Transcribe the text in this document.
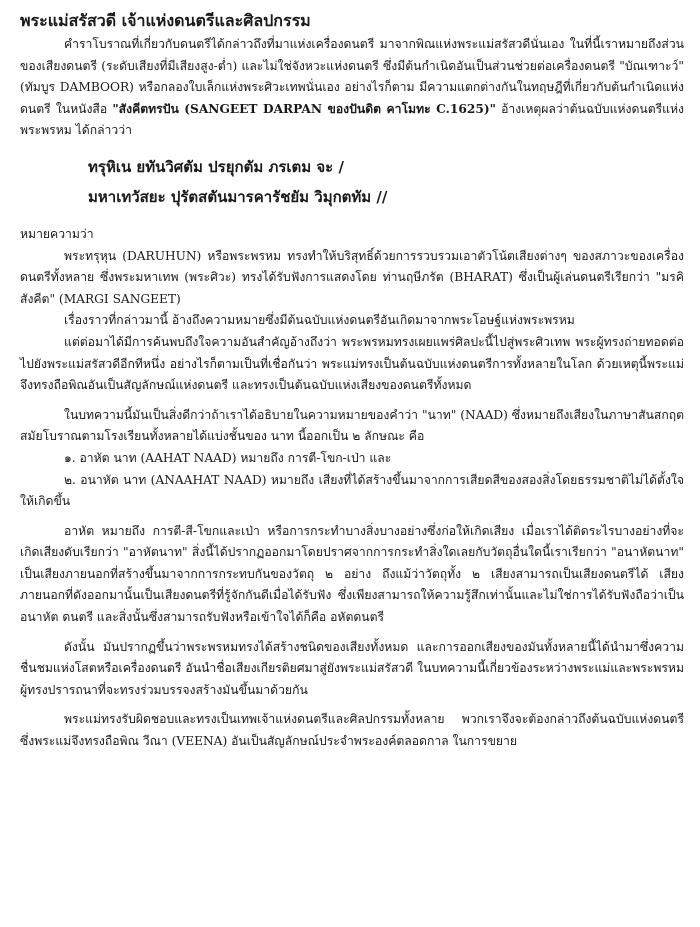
พระแม่สรัสวดี เจ้าแห่งดนตรีและศิลปกรรม

คำราโบราณที่เกี่ยวกับดนตรีได้กล่าวถึงที่มาแห่งเครื่องดนตรี มาจากพิณแห่งพระแม่สรัสวดีนั่นเอง ในที่นี้เราหมายถึงส่วนของเสียงดนตรี (ระดับเสียงที่มีเสียงสูง-ต่ำ) และไม่ใช่จังหวะแห่งดนตรี ซึ่งมีต้นกำเนิดอันเป็นส่วนช่วยต่อเครื่องดนตรี "บัณเฑาะว์" (ทัมบูร DAMBOOR) หรือกลองใบเล็กแห่งพระศิวะเทพนั่นเอง อย่างไรก็ตาม มีความแตกต่างกันในทฤษฎีที่เกี่ยวกับต้นกำเนิดแห่งดนตรี ในหนังสือ "สังคีตทรปัน (SANGEET DARPAN ของปันดิต คาโมทะ C.1625)" อ้างเหตุผลว่าต้นฉบับแห่งดนตรีแห่งพระพรหม ได้กล่าวว่า

ทรุหิเน ยทันวิศตัม ปรยุกตัม ภรเตม จะ /
มหาเทวัสยะ ปุรัตสตันมารคารัชยัม วิมุกตทัม //

หมายความว่า

พระทรุหุน (DARUHUN) หรือพระพรหม ทรงทำให้บริสุทธิ์ด้วยการรวบรวมเอาตัวโน้ตเสียงต่างๆ ของสภาวะของเครื่องดนตรีทั้งหลาย ซึ่งพระมหาเทพ (พระศิวะ) ทรงได้รับฟังการแสดงโดย ท่านฤษีภรัต (BHARAT) ซึ่งเป็นผู้เล่นดนตรีเรียกว่า "มรคิ สังคีต" (MARGI SANGEET)

เรื่องราวที่กล่าวมานี้ อ้างถึงความหมายซึ่งมีต้นฉบับแห่งดนตรีอันเกิดมาจากพระโอษฐ์แห่งพระพรหม

แต่ต่อมาได้มีการค้นพบถึงใจความอันสำคัญอ้างถึงว่า พระพรหมทรงเผยแพร่ศิลปะนี้ไปสู่พระศิวเทพ พระผู้ทรงถ่ายทอดต่อไปยังพระแม่สรัสวดีอีกทีหนึ่ง อย่างไรก็ตามเป็นที่เชื่อกันว่า พระแม่ทรงเป็นต้นฉบับแห่งดนตรีการทั้งหลายในโลก ด้วยเหตุนี้พระแม่จึงทรงถือพิณอันเป็นสัญลักษณ์แห่งดนตรี และทรงเป็นต้นฉบับแห่งเสียงของดนตรีทั้งหมด

ในบทความนี้มันเป็นสิ่งดีกว่าถ้าเราได้อธิบายในความหมายของคำว่า "นาท" (NAAD) ซึ่งหมายถึงเสียงในภาษาสันสกฤต สมัยโบราณตามโรงเรียนทั้งหลายได้แบ่งชั้นของ นาท นี้ออกเป็น ๒ ลักษณะ คือ

๑. อาหัต นาท (AAHAT NAAD) หมายถึง การตี-โขก-เป่า และ

๒. อนาหัต นาท (ANAAHAT NAAD) หมายถึง เสียงที่ได้สร้างขึ้นมาจากการเสียดสีของสองสิ่งโดยธรรมชาติไม่ได้ตั้งใจให้เกิดขึ้น

อาหัต หมายถึง การตี-สี-โขกและเป่า หรือการกระทำบางสิ่งบางอย่างซึ่งก่อให้เกิดเสียง เมื่อเราได้ติดระไรบางอย่างที่จะเกิดเสียงดับเรียกว่า "อาหัตนาท" สิ่งนี้ได้ปรากฏออกมาโดยปราศจากการกระทำสิ่งใดเลยกับวัตถุอื่นใดนี้เราเรียกว่า "อนาหัตนาท" เป็นเสียงภายนอกที่สร้างขึ้นมาจากการกระทบกันของวัตถุ ๒ อย่าง ถึงแม้ว่าวัตถุทั้ง ๒ เสียงสามารถเป็นเสียงดนตรีได้ เสียงภายนอกที่ดังออกมานั้นเป็นเสียงดนตรีที่รู้จักกันดีเมื่อได้รับฟัง ซึ่งเพียงสามารถให้ความรู้สึกเท่านั้นและไม่ใช่การได้รับฟังถือว่าเป็น อนาหัต ดนตรี และสิ่งนั้นซึ่งสามารถรับฟังหรือเข้าใจได้ก็คือ อหัตดนตรี

ดังนั้น มันปรากฏขึ้นว่าพระพรหมทรงได้สร้างชนิดของเสียงทั้งหมด และการออกเสียงของมันทั้งหลายนี้ได้นำมาซึ่งความชื่นชมแห่งโสตหรือเครื่องดนตรี อันนำชื่อเสียงเกียรติยศมาสู่ยังพระแม่สรัสวดี ในบทความนี้เกี่ยวข้องระหว่างพระแม่และพระพรหม ผู้ทรงปรารถนาที่จะทรงร่วมบรรจงสร้างมันขึ้นมาด้วยกัน

พระแม่ทรงรับผิดชอบและทรงเป็นเทพเจ้าแห่งดนตรีและศิลปกรรมทั้งหลาย พวกเราจึงจะต้องกล่าวถึงต้นฉบับแห่งดนตรีซึ่งพระแม่จึงทรงถือพิณ วีณา (VEENA) อันเป็นสัญลักษณ์ประจำพระองค์ตลอดกาล ในการขยาย
